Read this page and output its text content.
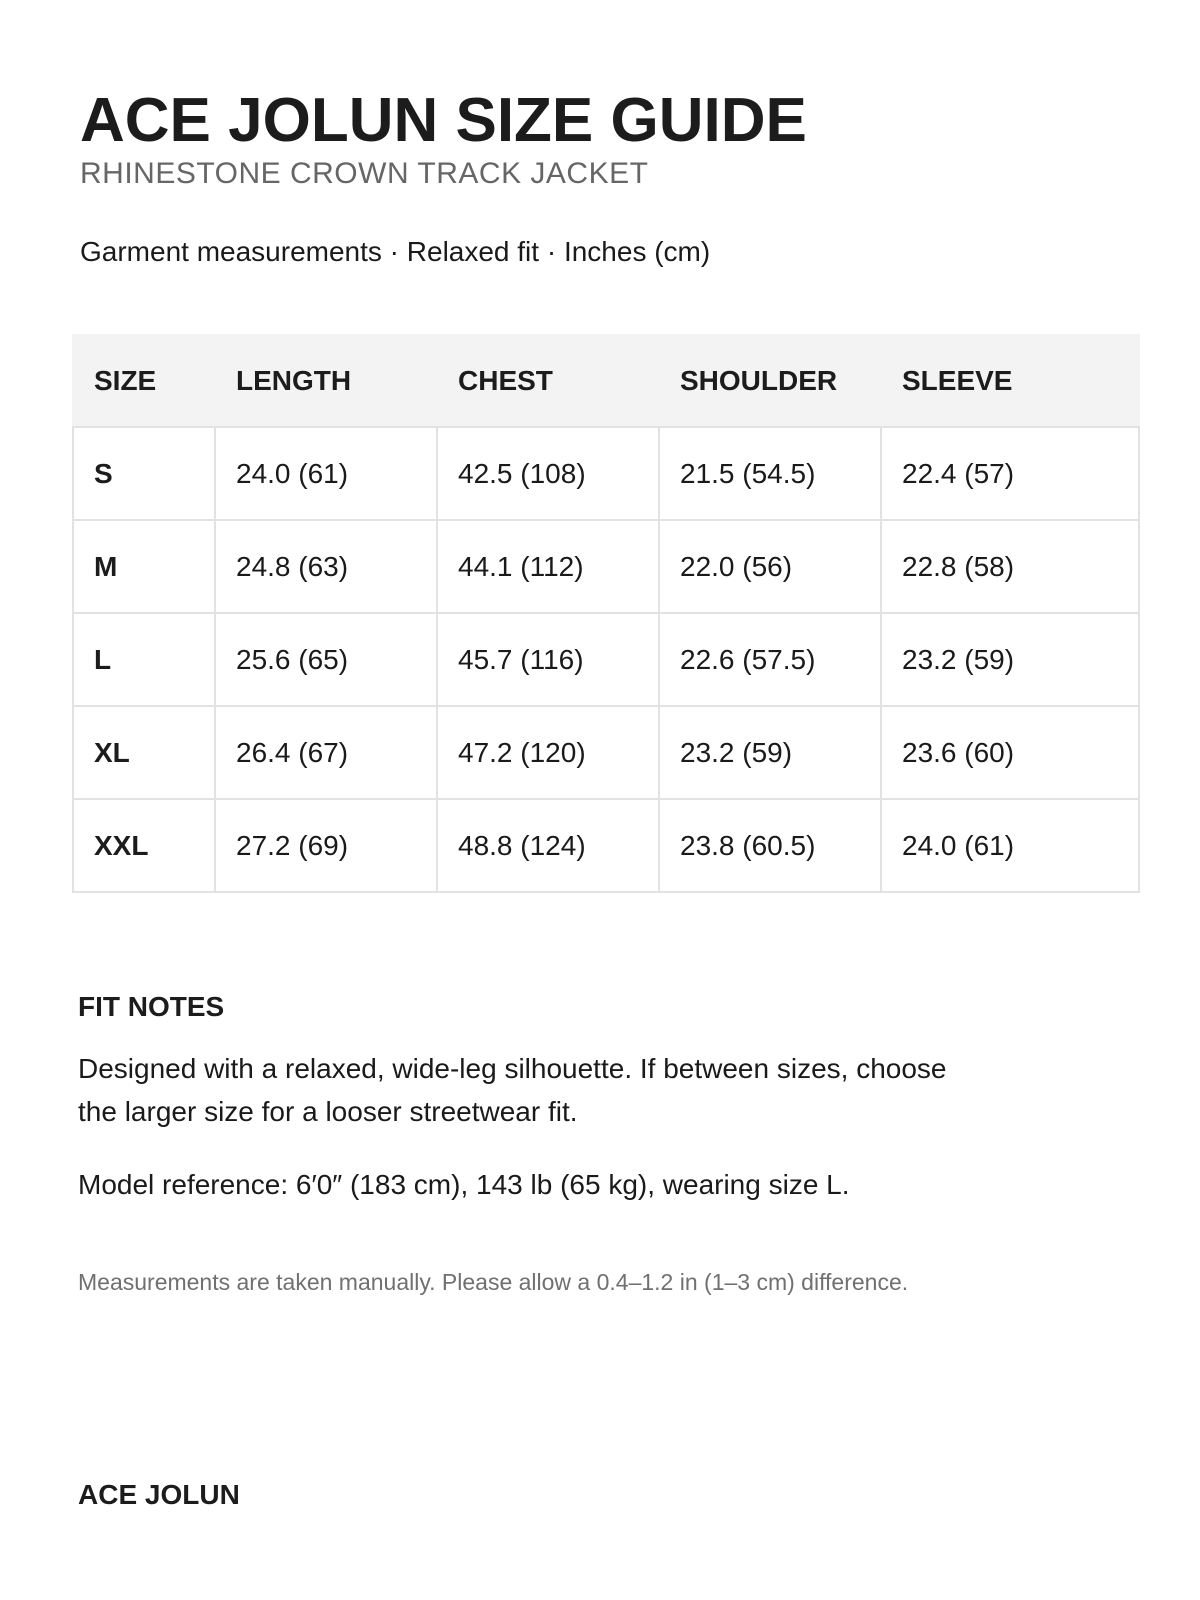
ACE JOLUN SIZE GUIDE

RHINESTONE CROWN TRACK JACKET

Garment measurements · Relaxed fit · Inches (cm)

SIZE	LENGTH	CHEST	SHOULDER	SLEEVE
S	24.0 (61)	42.5 (108)	21.5 (54.5)	22.4 (57)
M	24.8 (63)	44.1 (112)	22.0 (56)	22.8 (58)
L	25.6 (65)	45.7 (116)	22.6 (57.5)	23.2 (59)
XL	26.4 (67)	47.2 (120)	23.2 (59)	23.6 (60)
XXL	27.2 (69)	48.8 (124)	23.8 (60.5)	24.0 (61)
FIT NOTES

Designed with a relaxed, wide-leg silhouette. If between sizes, choose the larger size for a looser streetwear fit.

Model reference: 6′0″ (183 cm), 143 lb (65 kg), wearing size L.

Measurements are taken manually. Please allow a 0.4–1.2 in (1–3 cm) difference.

ACE JOLUN
